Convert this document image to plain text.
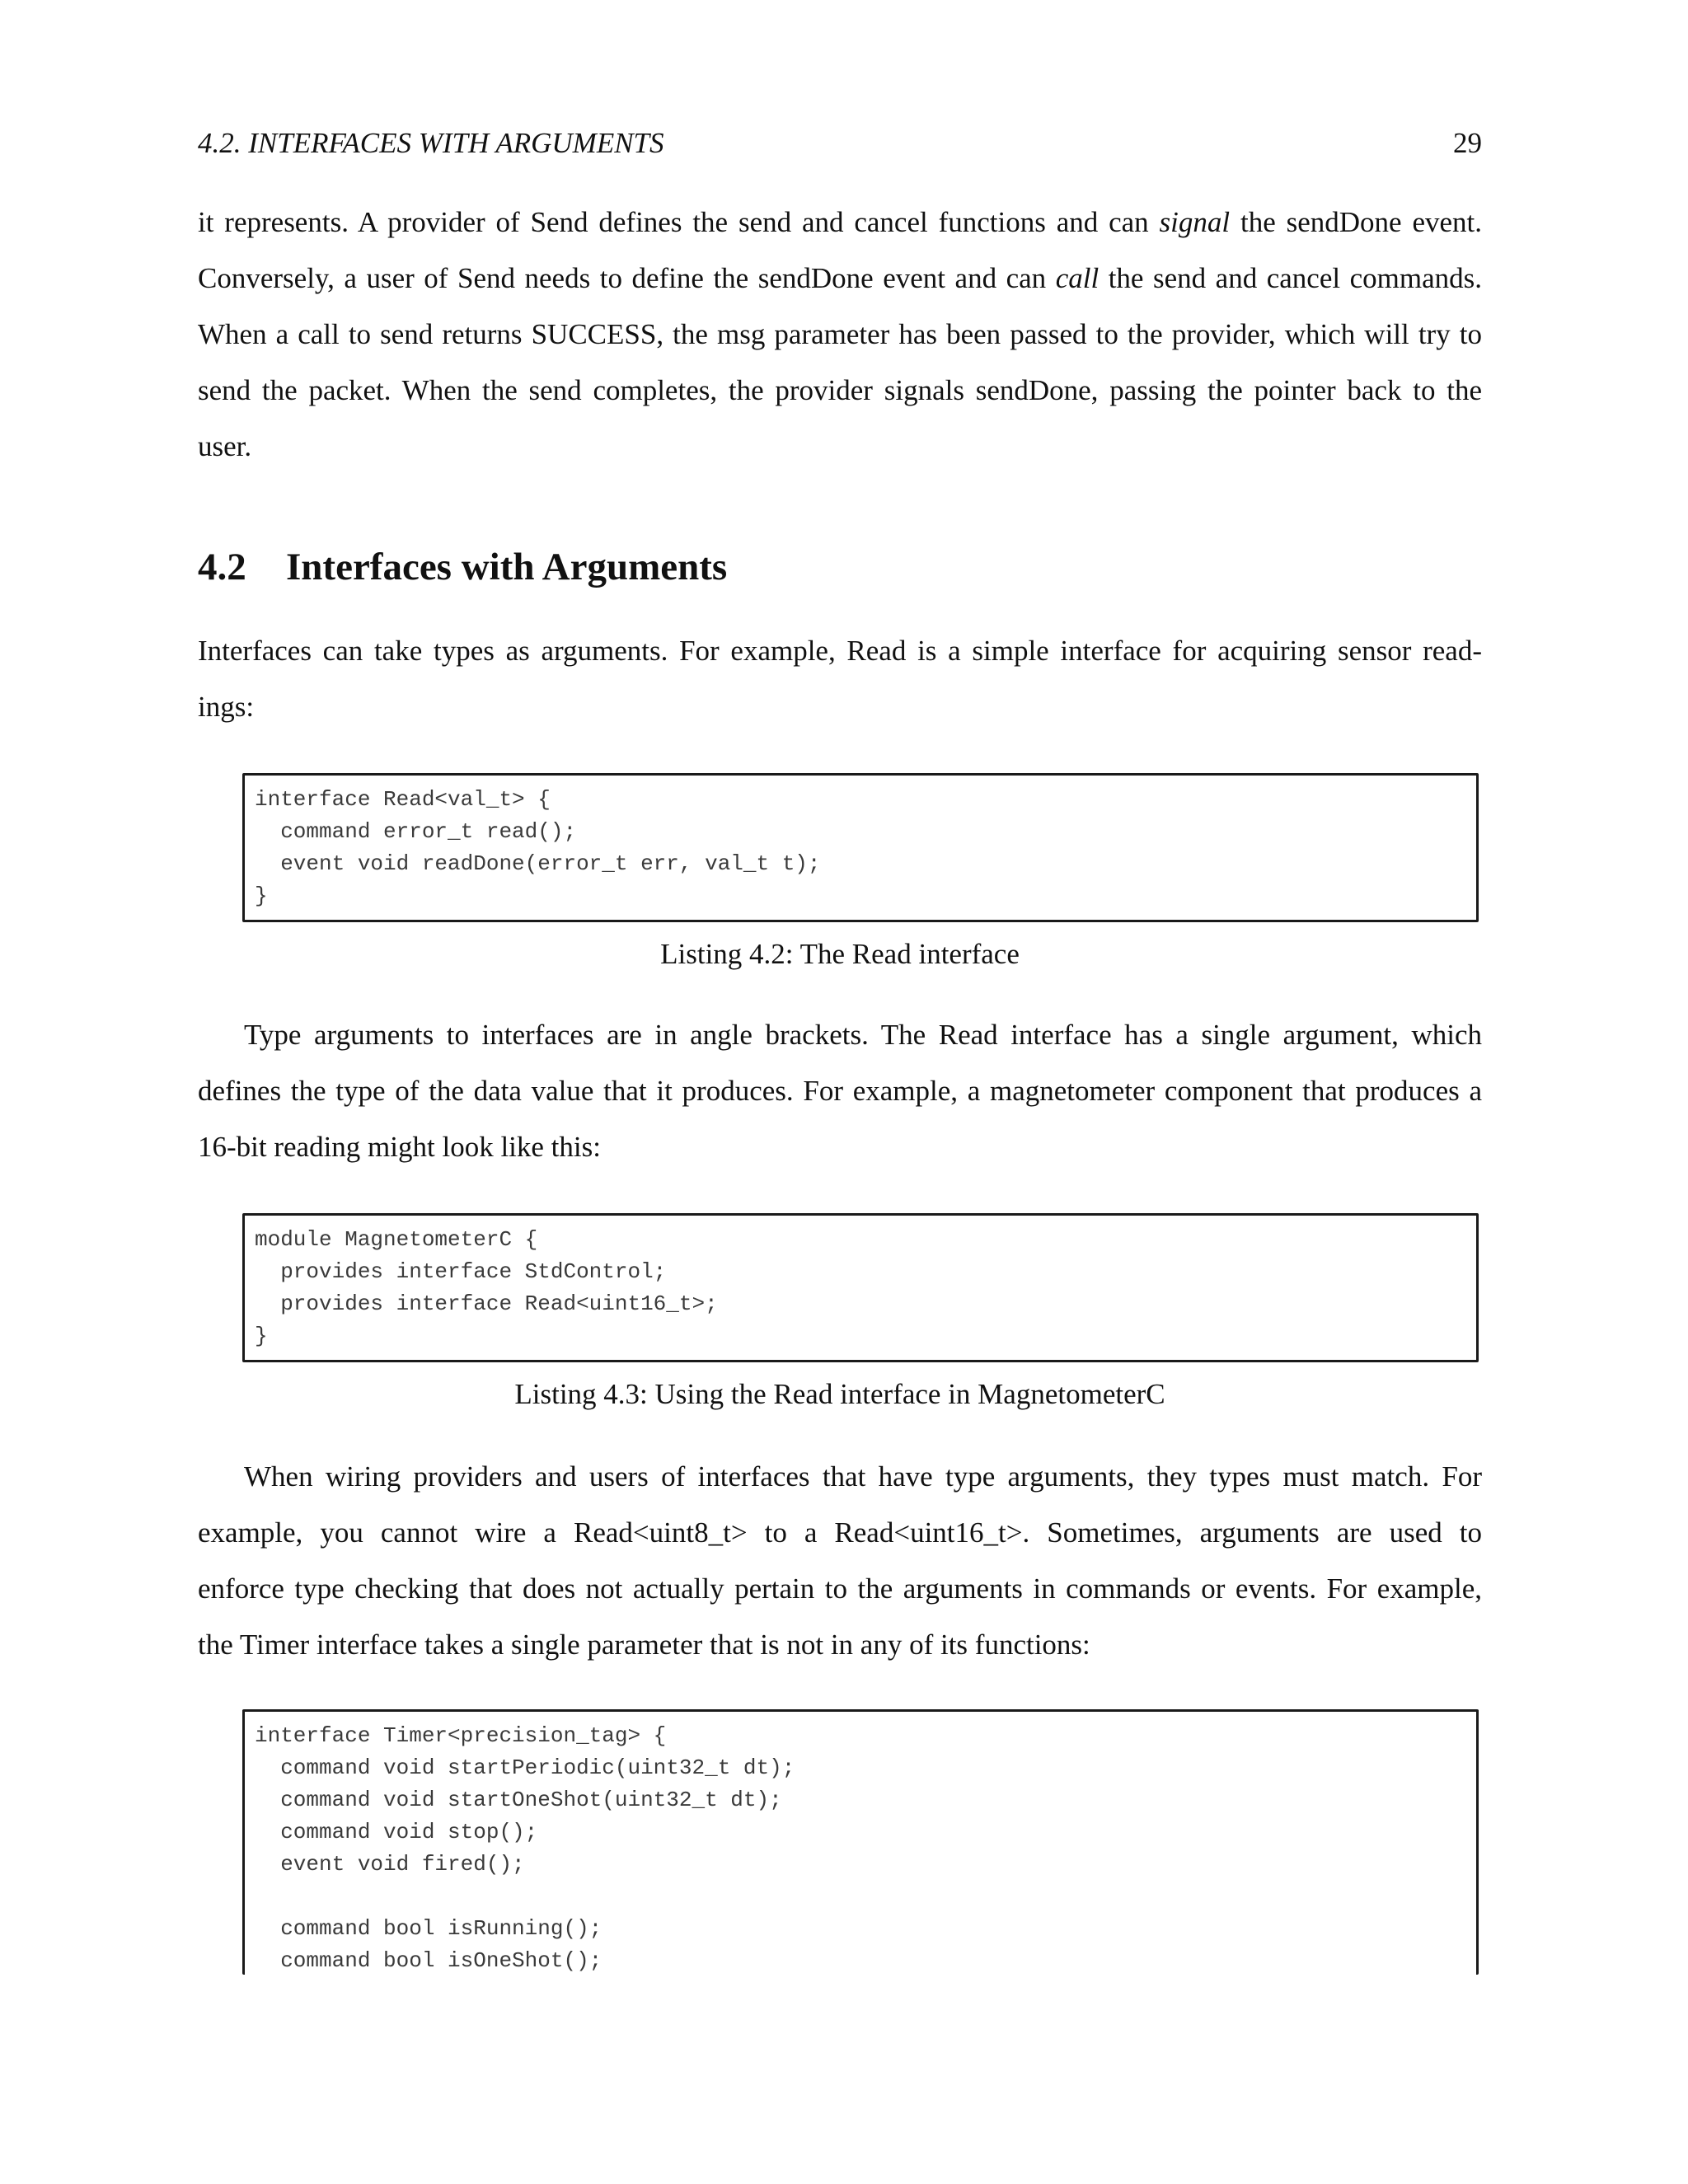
4.2. INTERFACES WITH ARGUMENTS	29
it represents. A provider of Send defines the send and cancel functions and can signal the sendDone event.
Conversely, a user of Send needs to define the sendDone event and can call the send and cancel commands.
When a call to send returns SUCCESS, the msg parameter has been passed to the provider, which will try to
send the packet. When the send completes, the provider signals sendDone, passing the pointer back to the
user.
4.2 Interfaces with Arguments
Interfaces can take types as arguments. For example, Read is a simple interface for acquiring sensor read-
ings:
interface Read<val_t> {
command error_t read();
event void readDone(error_t err, val_t t);
}

Listing 4.2: The Read interface

Type arguments to interfaces are in angle brackets. The Read interface has a single argument, which
defines the type of the data value that it produces. For example, a magnetometer component that produces a
16-bit reading might look like this:
module MagnetometerC {
provides interface StdControl;
provides interface Read<uint16_t>;
}

Listing 4.3: Using the Read interface in MagnetometerC

When wiring providers and users of interfaces that have type arguments, they types must match. For
example, you cannot wire a Read<uint8_t> to a Read<uint16_t>. Sometimes, arguments are used to
enforce type checking that does not actually pertain to the arguments in commands or events. For example,
the Timer interface takes a single parameter that is not in any of its functions:
interface Timer<precision_tag> {
command void startPeriodic(uint32_t dt);
command void startOneShot(uint32_t dt);
command void stop();
event void fired();
command bool isRunning();
command bool isOneShot();
